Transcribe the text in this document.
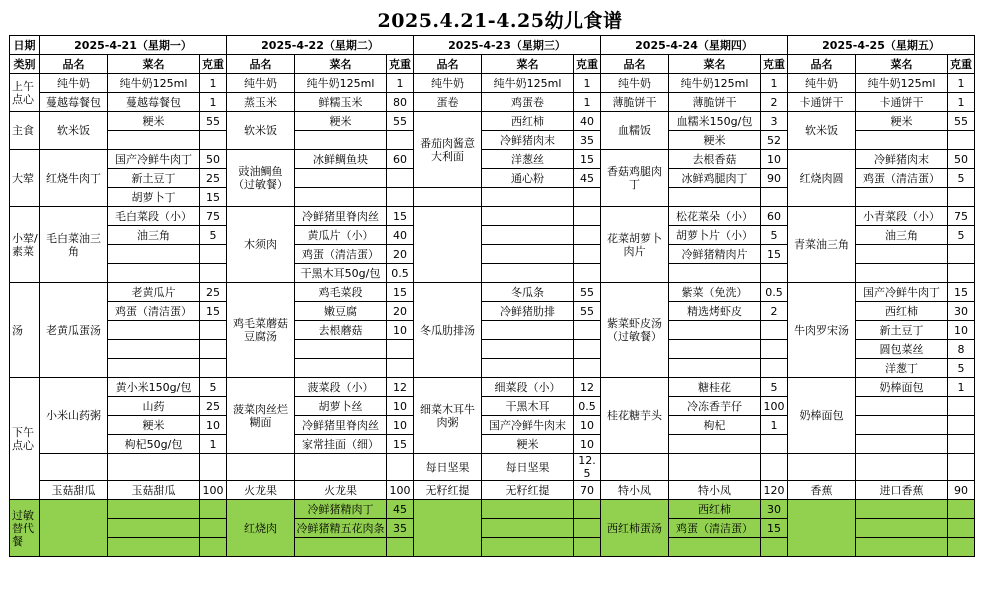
2025.4.21-4.25幼儿食谱
日期	2025-4-21（星期一）			2025-4-22（星期二）			2025-4-23（星期三）			2025-4-24（星期四）			2025-4-25（星期五）		
类别	品名	菜名	克重	品名	菜名	克重	品名	菜名	克重	品名	菜名	克重	品名	菜名	克重
上午点心	纯牛奶	纯牛奶125ml	1	纯牛奶	纯牛奶125ml	1	纯牛奶	纯牛奶125ml	1	纯牛奶	纯牛奶125ml	1	纯牛奶	纯牛奶125ml	1
	蔓越莓餐包	蔓越莓餐包	1	蒸玉米	鲜糯玉米	80	蛋卷	鸡蛋卷	1	薄脆饼干	薄脆饼干	2	卡通饼干	卡通饼干	1
主食	软米饭	粳米	55	软米饭	粳米	55	番茄肉酱意大利面	西红柿	40	血糯饭	血糯米150g/包	3	软米饭	粳米	55
								冷鲜猪肉末	35		粳米	52			
大荤	红烧牛肉丁	国产冷鲜牛肉丁	50	豉油鲷鱼（过敏餐）	冰鲜鲷鱼块	60		洋葱丝	15	香菇鸡腿肉丁	去根香菇	10	红烧肉圆	冷鲜猪肉末	50
		新土豆丁	25					通心粉	45		冰鲜鸡腿肉丁	90		鸡蛋（清洁蛋）	5
		胡萝卜丁	15												
小荤/素菜	毛白菜油三角	毛白菜段（小）	75	木须肉	冷鲜猪里脊肉丝	15				花菜胡萝卜肉片	松花菜朵（小）	60	青菜油三角	小青菜段（小）	75
		油三角	5		黄瓜片（小）	40					胡萝卜片（小）	5		油三角	5
					鸡蛋（清洁蛋）	20					冷鲜猪精肉片	15			
					干黑木耳50g/包	0.5									
汤	老黄瓜蛋汤	老黄瓜片	25	鸡毛菜蘑菇豆腐汤	鸡毛菜段	15	冬瓜肋排汤	冬瓜条	55	紫菜虾皮汤（过敏餐）	紫菜（免洗）	0.5	牛肉罗宋汤	国产冷鲜牛肉丁	15
		鸡蛋（清洁蛋）	15		嫩豆腐	20		冷鲜猪肋排	55		精选烤虾皮	2		西红柿	30
					去根蘑菇	10								新土豆丁	10
														圆包菜丝	8
														洋葱丁	5
下午点心	小米山药粥	黄小米150g/包	5	菠菜肉丝烂糊面	菠菜段（小）	12	细菜木耳牛肉粥	细菜段（小）	12	桂花糖芋头	糖桂花	5	奶棒面包	奶棒面包	1
		山药	25		胡萝卜丝	10		干黑木耳	0.5		冷冻香芋仔	100			
		粳米	10		冷鲜猪里脊肉丝	10		国产冷鲜牛肉末	10		枸杞	1			
		枸杞50g/包	1		家常挂面（细）	15		粳米	10						
							每日坚果	每日坚果	12.5						
	玉菇甜瓜	玉菇甜瓜	100	火龙果	火龙果	100	无籽红提	无籽红提	70	特小凤	特小凤	120	香蕉	进口香蕉	90
过敏替代餐				红烧肉	冷鲜猪精肉丁	45				西红柿蛋汤	西红柿	30			
					冷鲜猪精五花肉条	35					鸡蛋（清洁蛋）	15			
